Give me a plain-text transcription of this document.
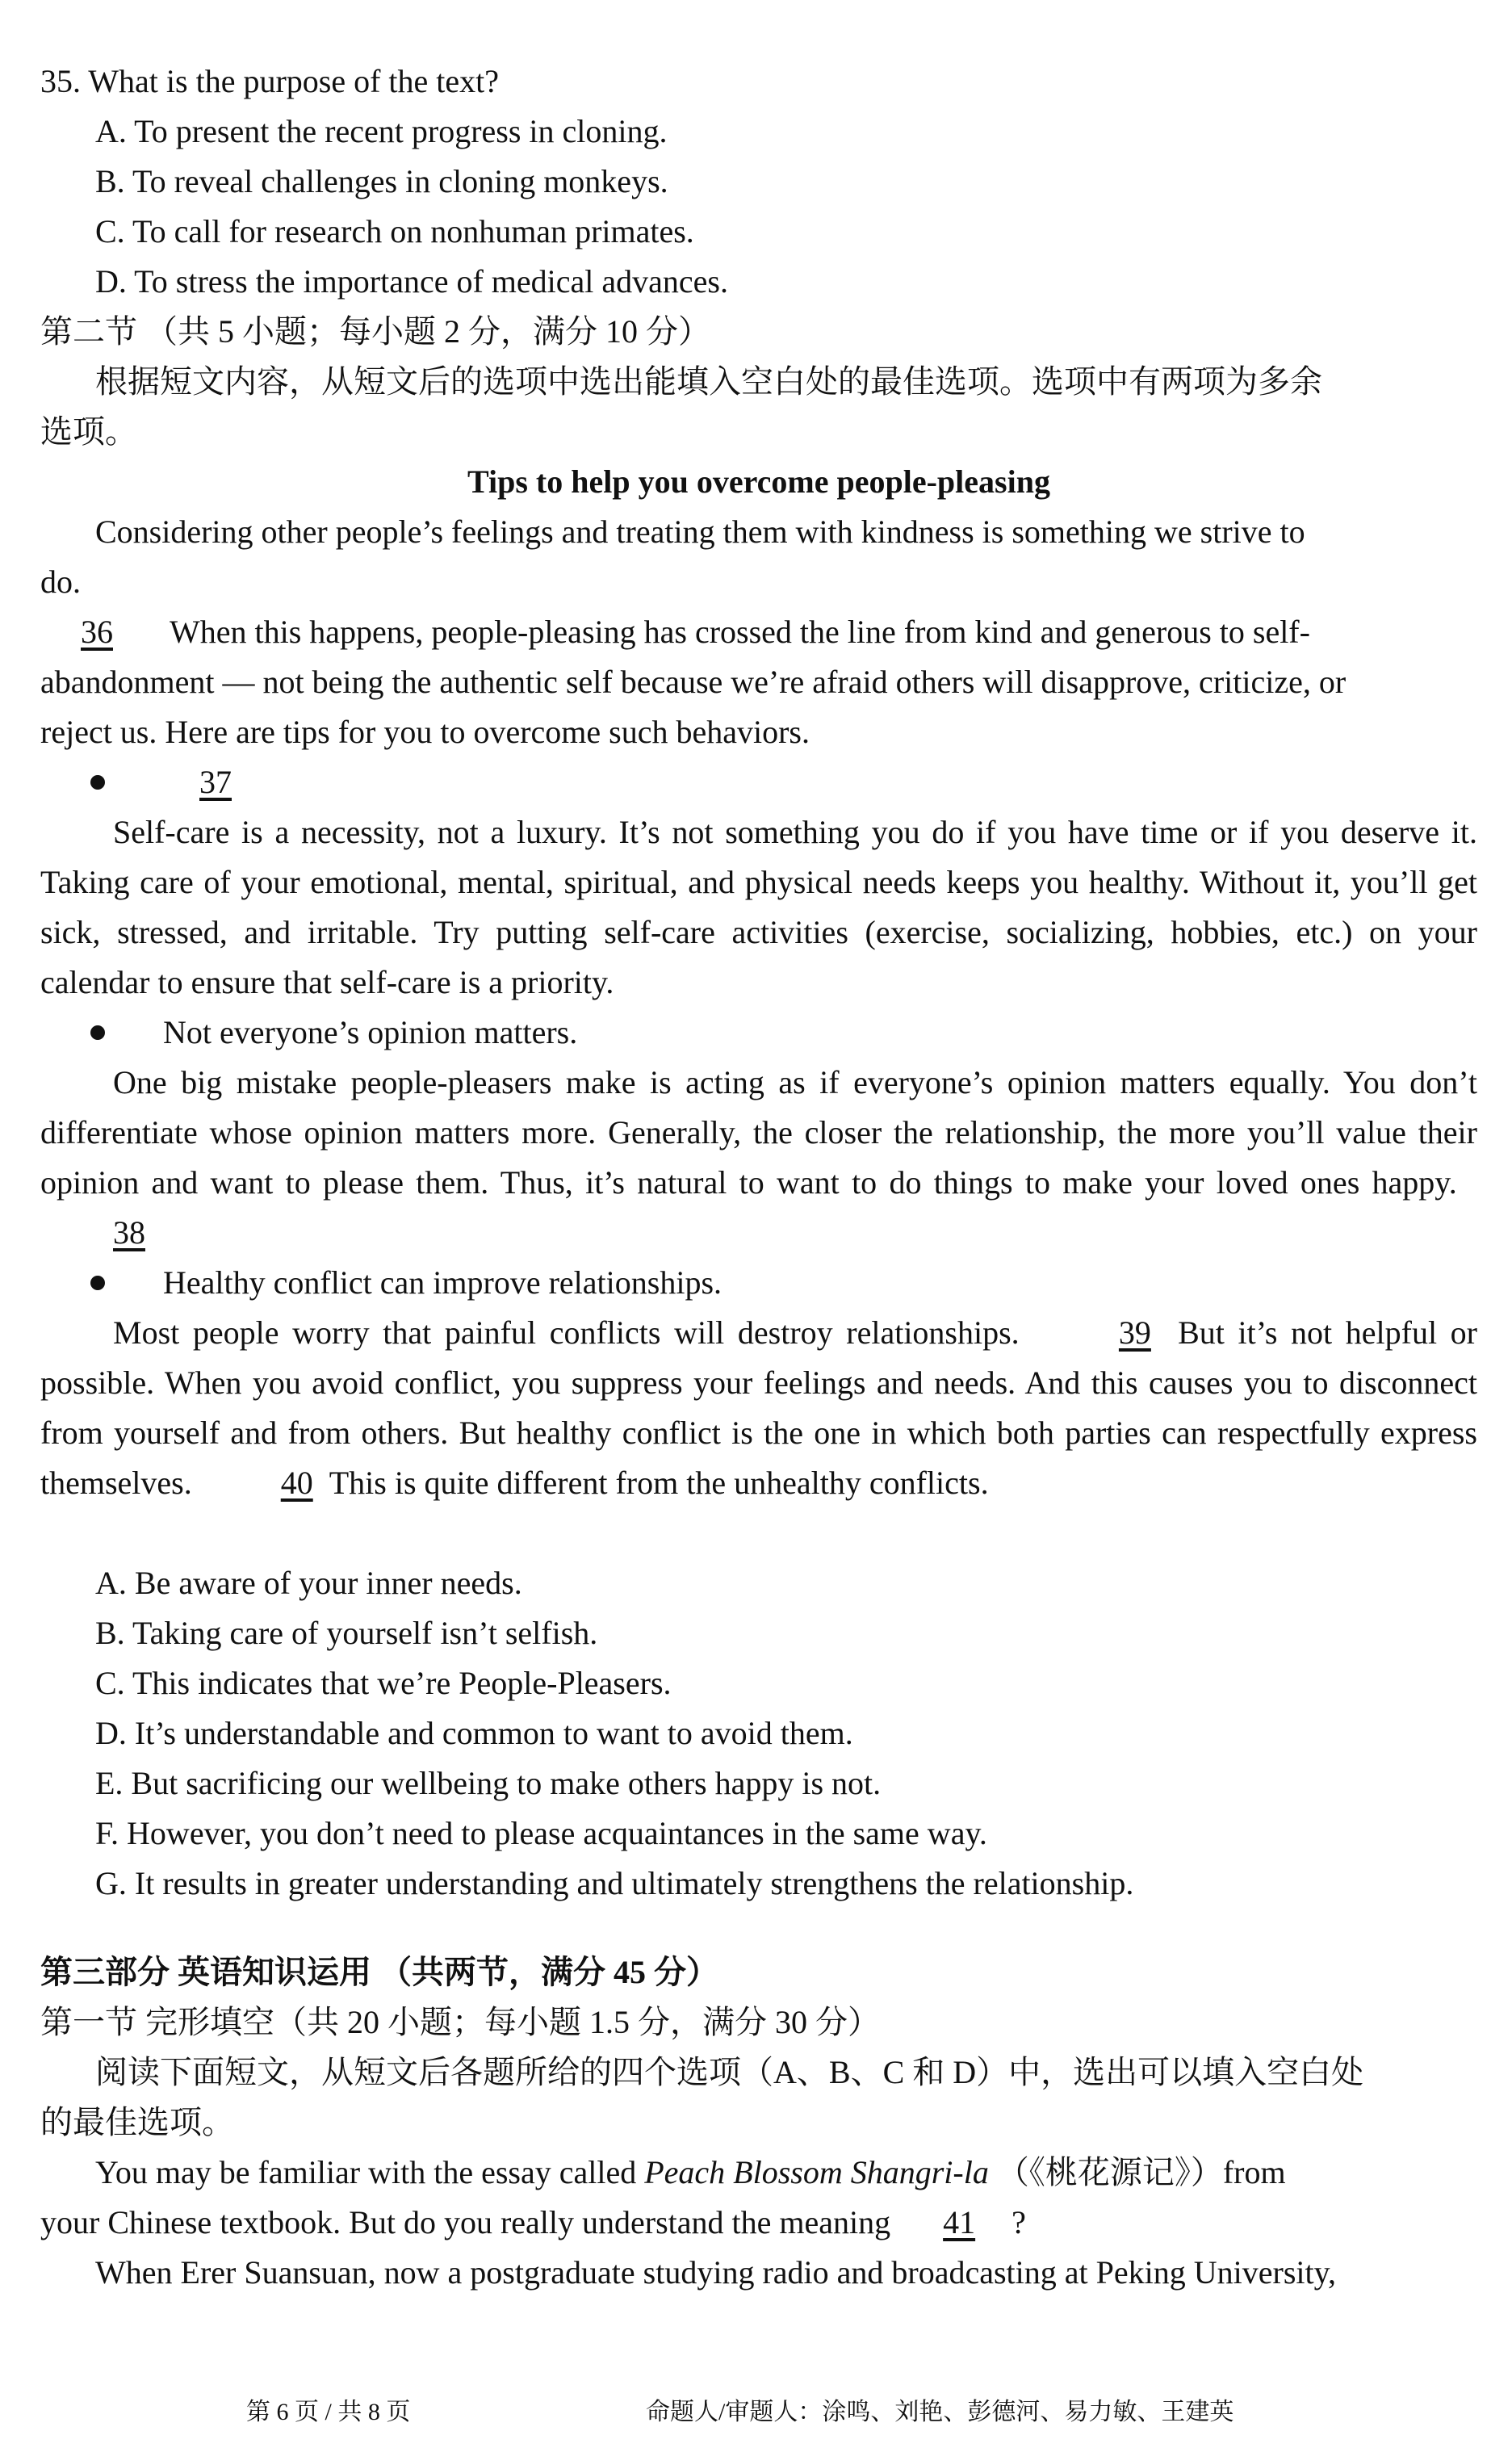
35. What is the purpose of the text?
A. To present the recent progress in cloning.
B. To reveal challenges in cloning monkeys.
C. To call for research on nonhuman primates.
D. To stress the importance of medical advances.
第二节 （共 5 小题；每小题 2 分，满分 10 分）
根据短文内容，从短文后的选项中选出能填入空白处的最佳选项。选项中有两项为多余
选项。
Tips to help you overcome people-pleasing
Considering other people’s feelings and treating them with kindness is something we strive to
do.
36 When this happens, people-pleasing has crossed the line from kind and generous to self-
abandonment — not being the authentic self because we’re afraid others will disapprove, criticize, or
reject us. Here are tips for you to overcome such behaviors.
37
Self-care is a necessity, not a luxury. It’s not something you do if you have time or if you deserve it. Taking care of your emotional, mental, spiritual, and physical needs keeps you healthy. Without it, you’ll get sick, stressed, and irritable. Try putting self-care activities (exercise, socializing, hobbies, etc.) on your calendar to ensure that self-care is a priority.
Not everyone’s opinion matters.
One big mistake people-pleasers make is acting as if everyone’s opinion matters equally. You don’t differentiate whose opinion matters more. Generally, the closer the relationship, the more you’ll value their opinion and want to please them. Thus, it’s natural to want to do things to make your loved ones happy.  38
Healthy conflict can improve relationships.
Most people worry that painful conflicts will destroy relationships.	39 But it’s not helpful or possible. When you avoid conflict, you suppress your feelings and needs. And this causes you to disconnect from yourself and from others. But healthy conflict is the one in which both parties can respectfully express themselves.	40 This is quite different from the unhealthy conflicts.
A. Be aware of your inner needs.
B. Taking care of yourself isn’t selfish.
C. This indicates that we’re People-Pleasers.
D. It’s understandable and common to want to avoid them.
E. But sacrificing our wellbeing to make others happy is not.
F. However, you don’t need to please acquaintances in the same way.
G. It results in greater understanding and ultimately strengthens the relationship.
第三部分 英语知识运用 （共两节，满分 45 分）
第一节 完形填空（共 20 小题；每小题 1.5 分，满分 30 分）
阅读下面短文，从短文后各题所给的四个选项（A、B、C 和 D）中，选出可以填入空白处
的最佳选项。
You may be familiar with the essay called Peach Blossom Shangri-la （《桃花源记》）from
your Chinese textbook. But do you really understand the meaning 41 ?
When Erer Suansuan, now a postgraduate studying radio and broadcasting at Peking University,
第 6 页 / 共 8 页	命题人/审题人：涂鸣、刘艳、彭德河、易力敏、王建英
